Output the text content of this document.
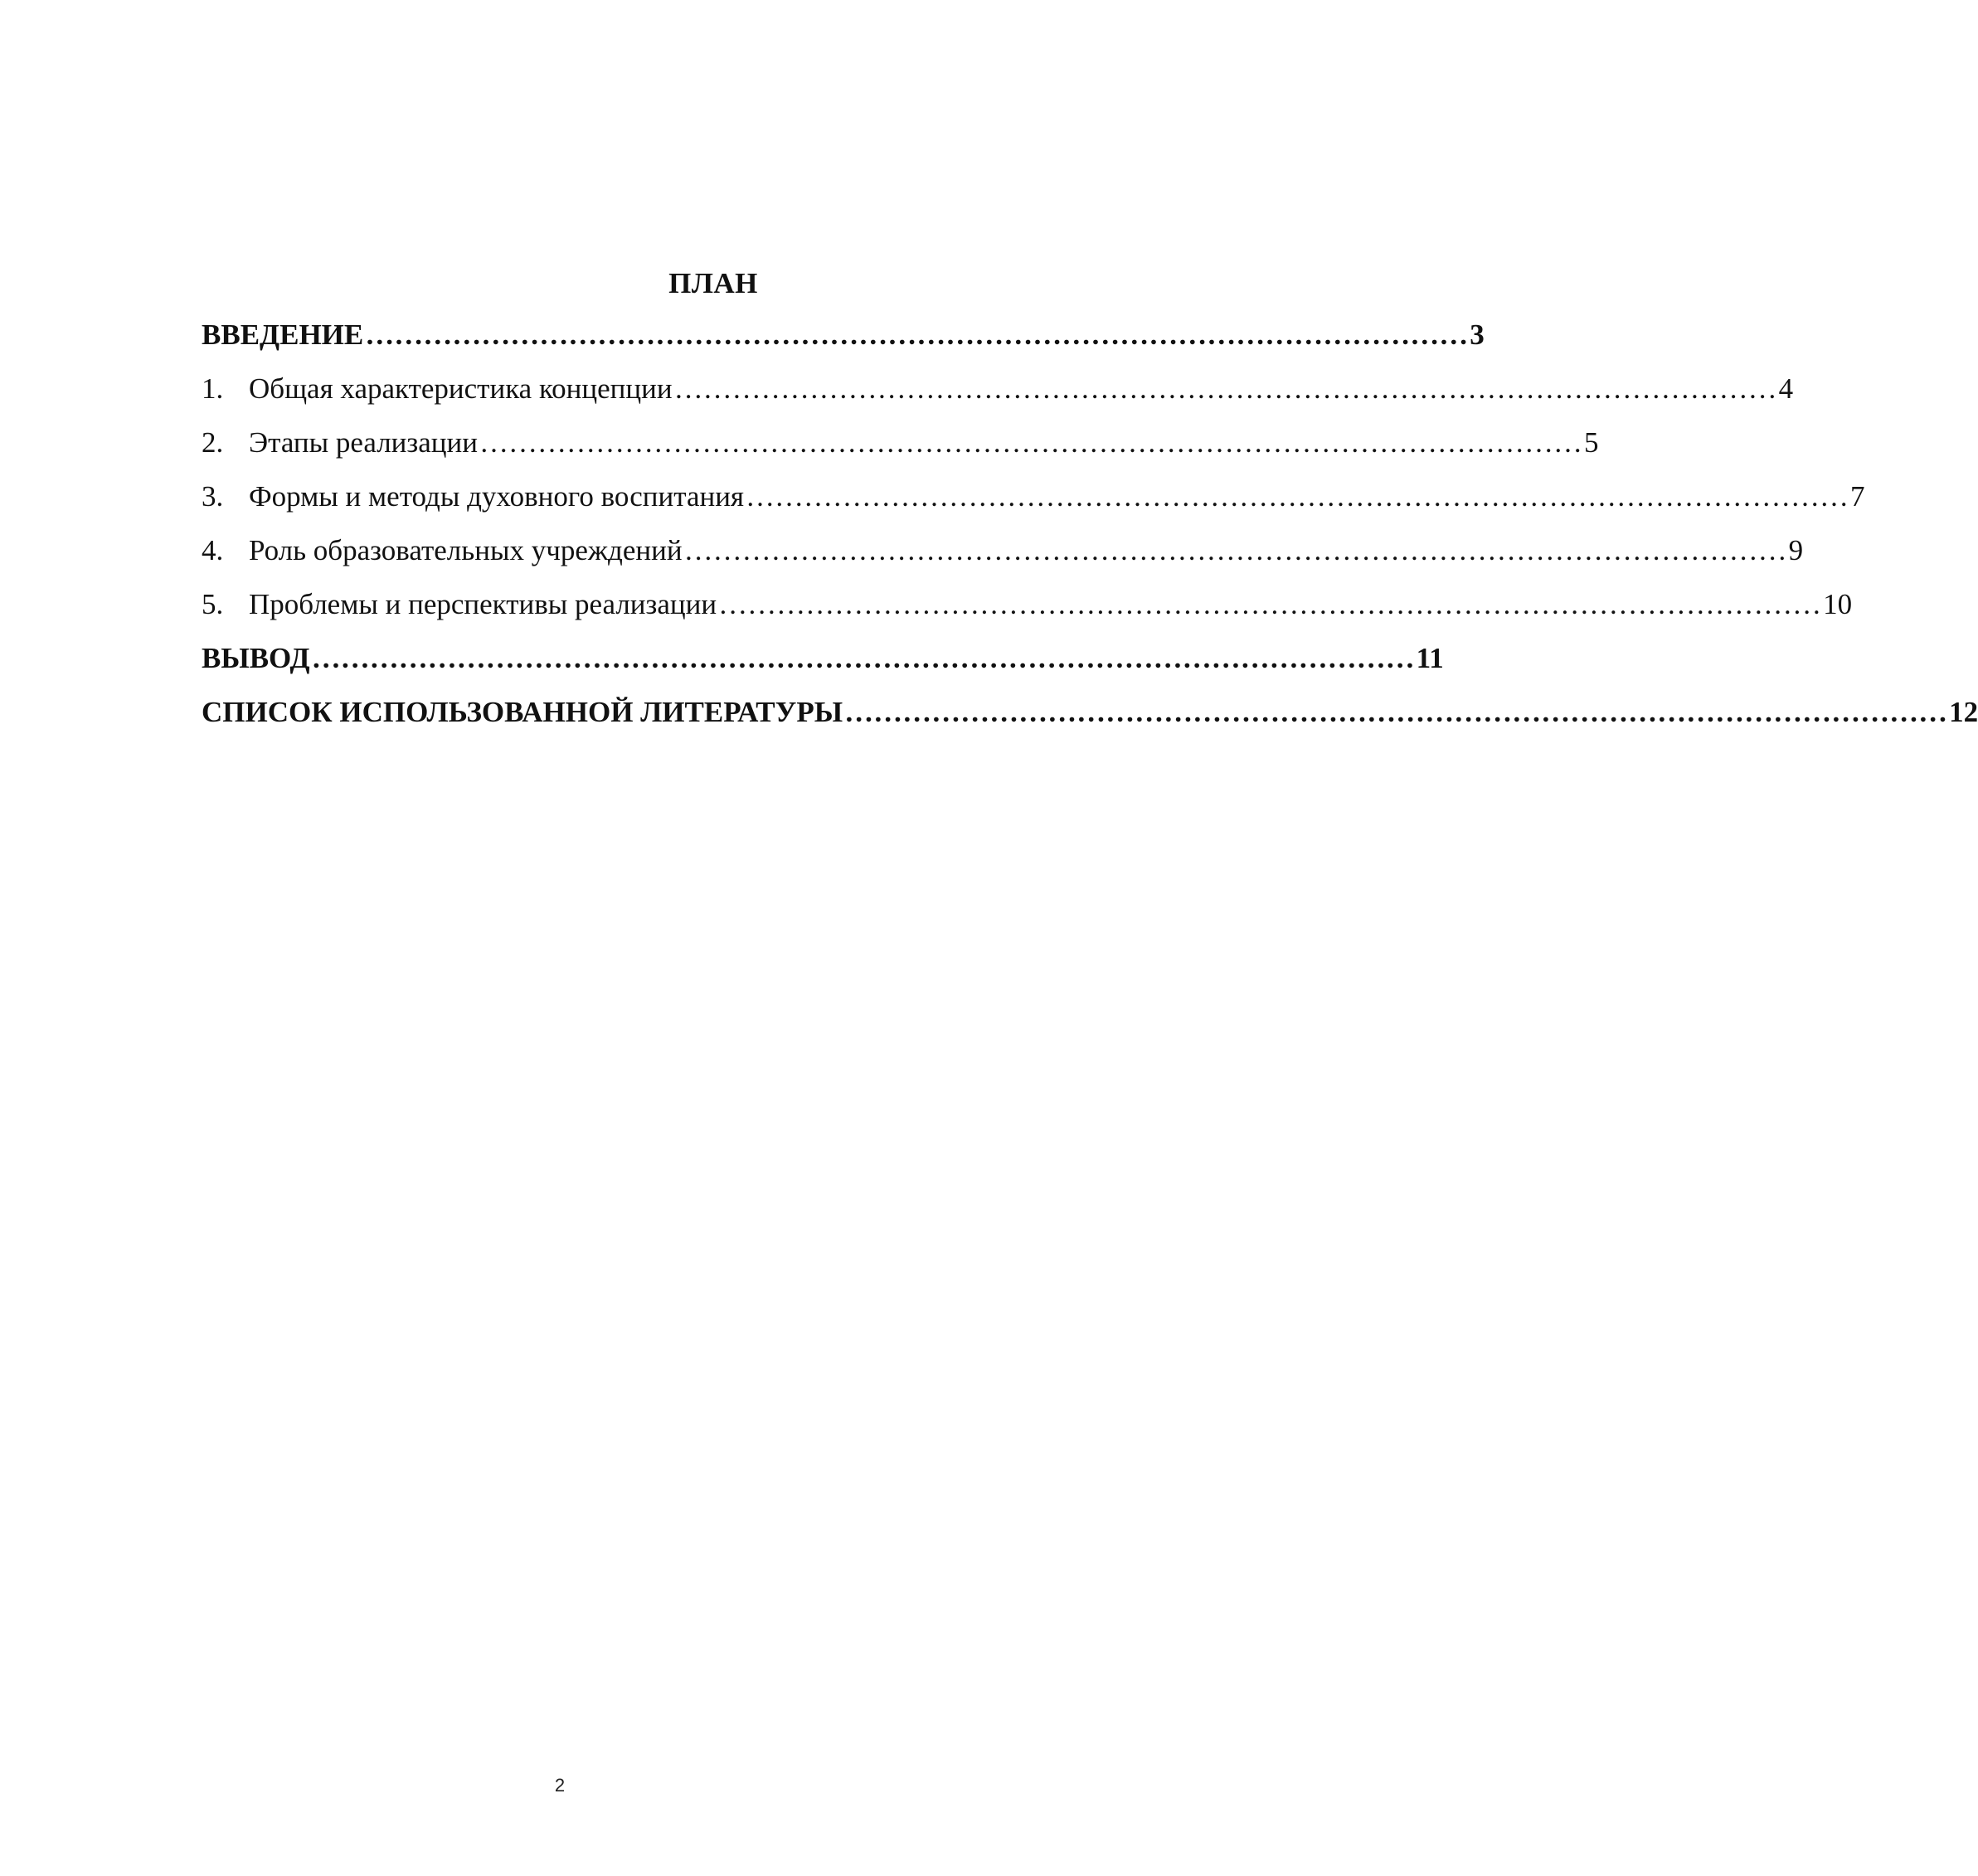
ПЛАН
ВВЕДЕНИЕ …………………………………………………………………………………………………… 3
1. Общая характеристика концепции …………………………………………………………………………………………………… 4
2. Этапы реализации …………………………………………………………………………………………………… 5
3. Формы и методы духовного воспитания …………………………………………………………………………………………………… 7
4. Роль образовательных учреждений …………………………………………………………………………………………………… 9
5. Проблемы и перспективы реализации …………………………………………………………………………………………………… 10
ВЫВОД …………………………………………………………………………………………………… 11
СПИСОК ИСПОЛЬЗОВАННОЙ ЛИТЕРАТУРЫ …………………………………………………………………………………………………… 12
2
